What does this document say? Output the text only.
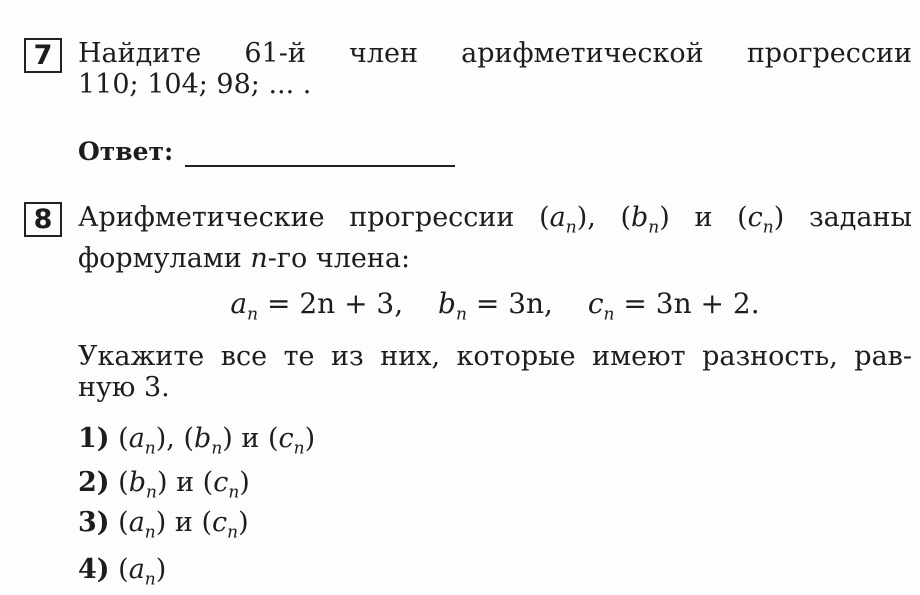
7 Найдите 61-й член арифметической прогрессии
110; 104; 98; ... .
Ответ:
8 Арифметические прогрессии $(a_n)$, $(b_n)$ и $(c_n)$ заданы
формулами n-го члена:
$a_n = 2n + 3$, $b_n = 3n$, $c_n = 3n + 2$.
Укажите все те из них, которые имеют разность, рав-
ную 3.
1) $(a_n)$, $(b_n)$ и $(c_n)$
2) $(b_n)$ и $(c_n)$
3) $(a_n)$ и $(c_n)$
4) $(a_n)$
